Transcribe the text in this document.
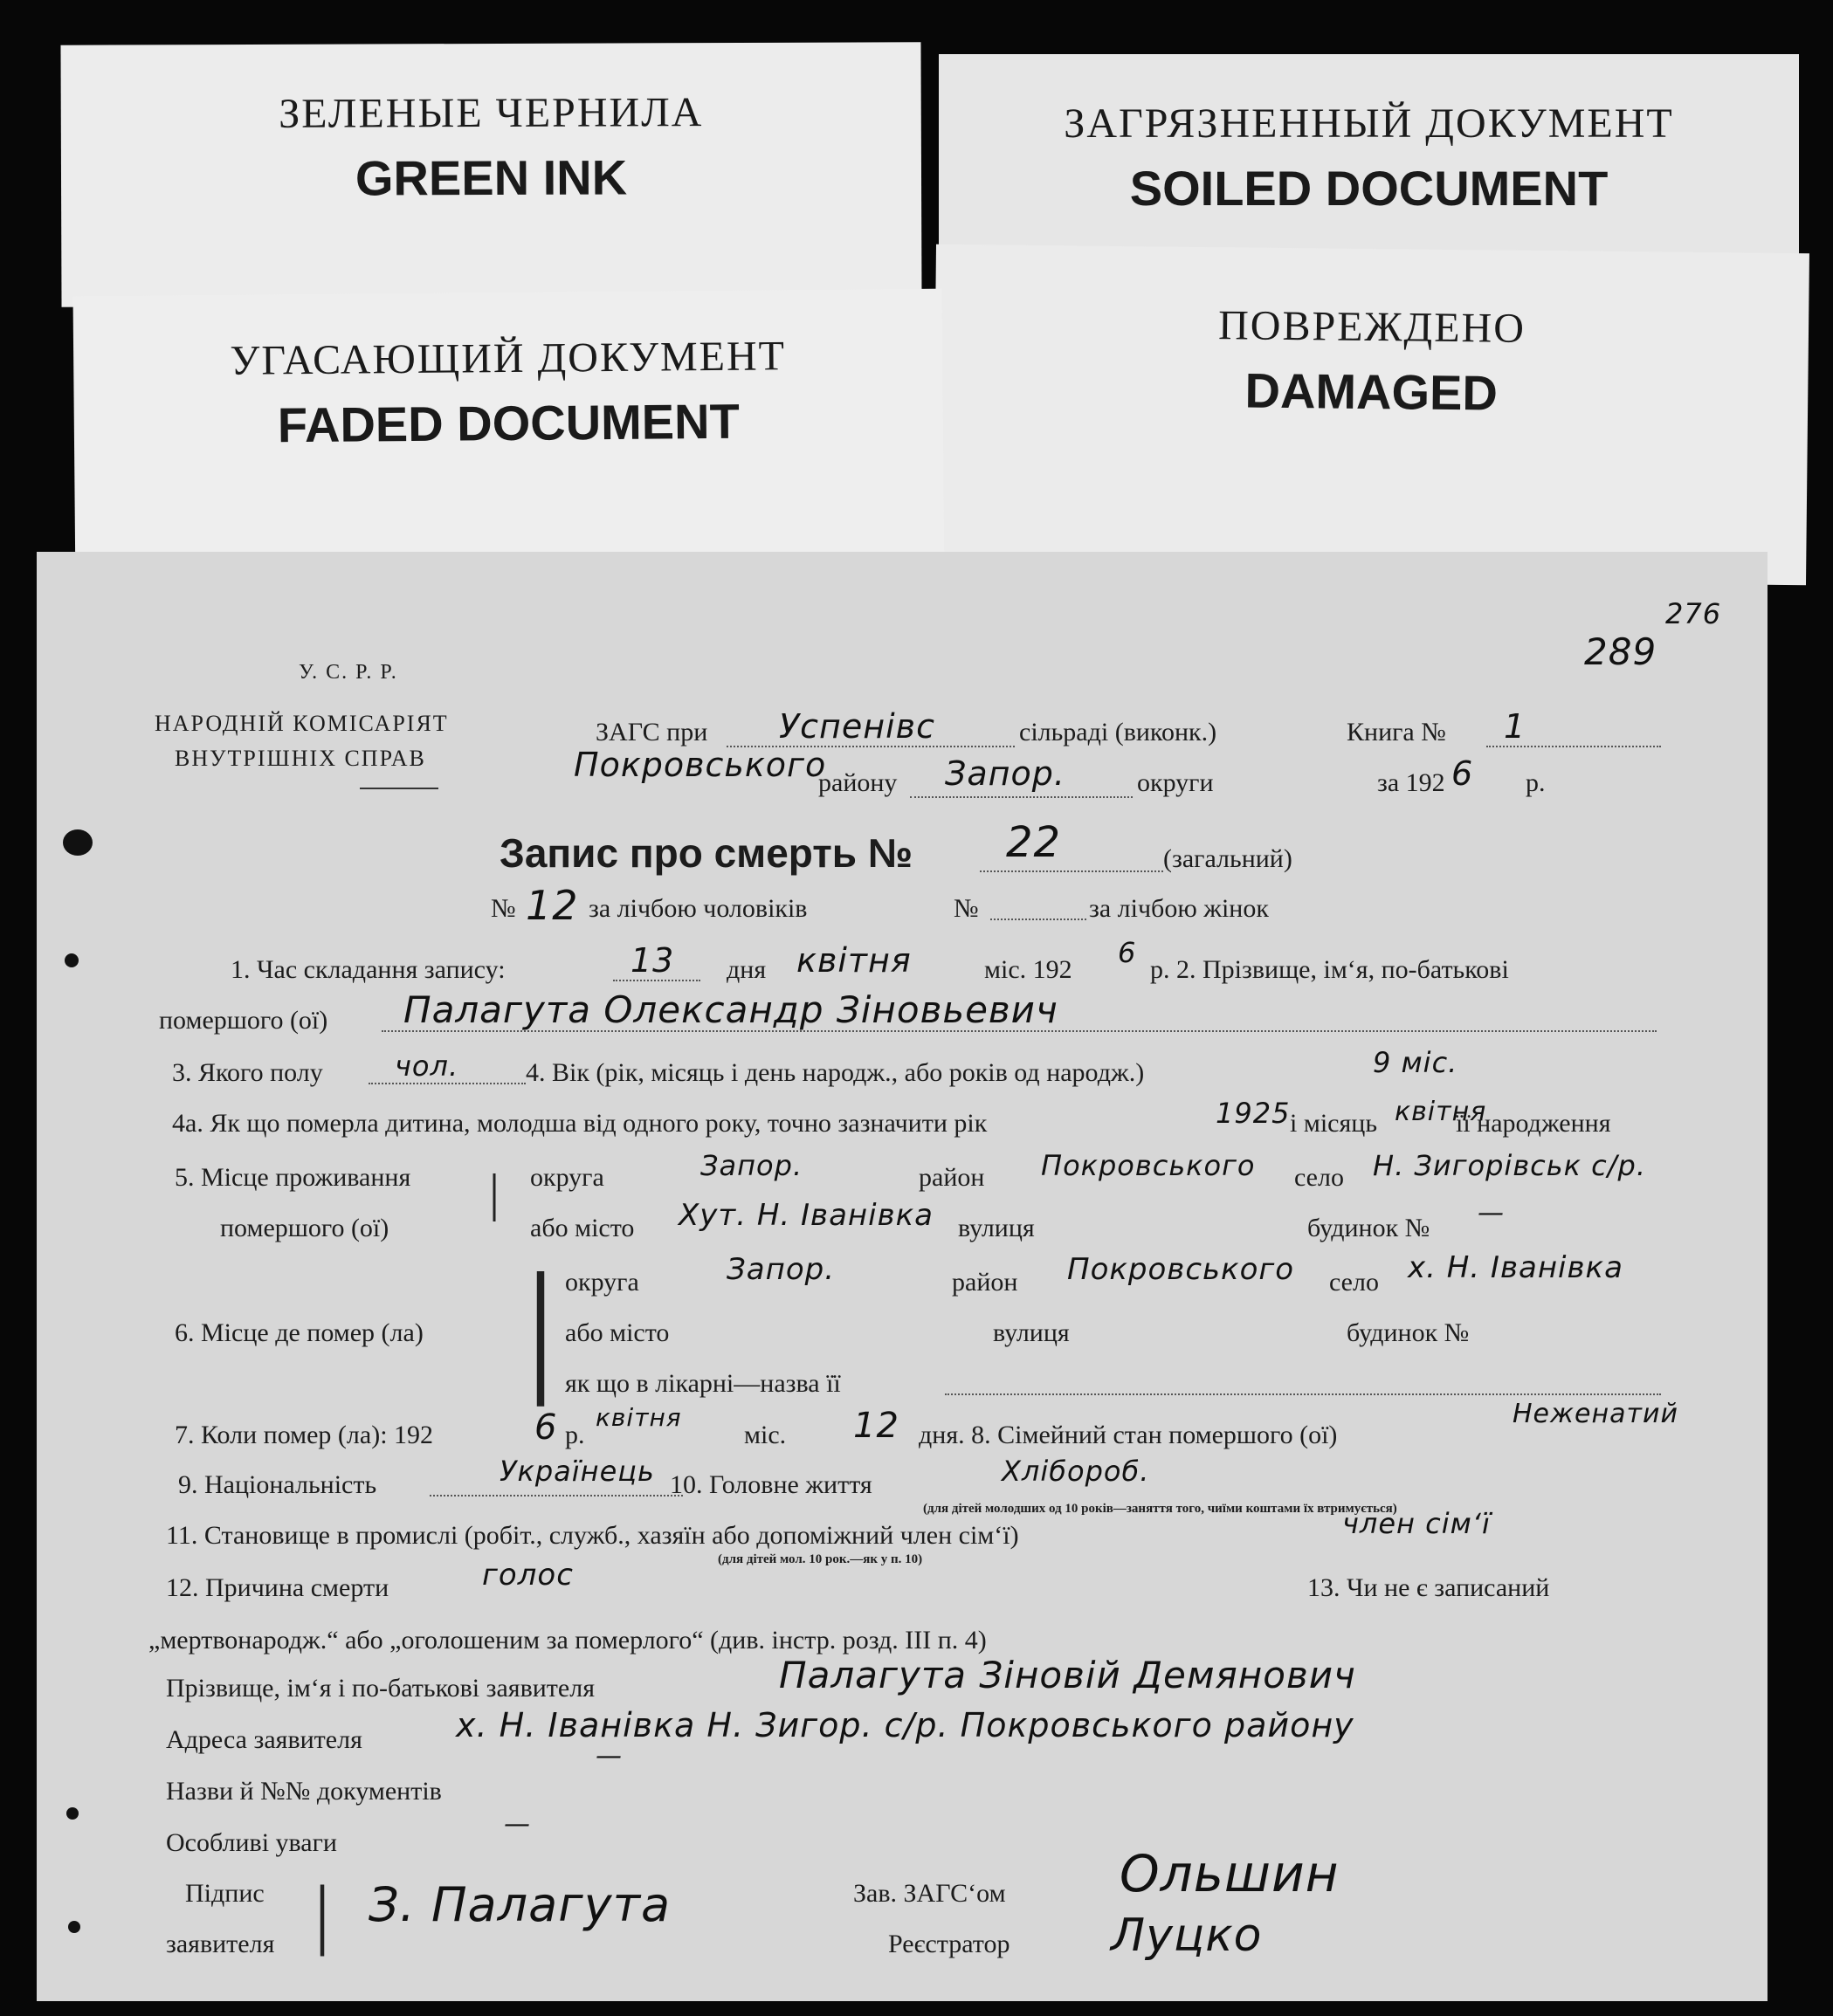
ЗЕЛЕНЫЕ ЧЕРНИЛА
GREEN INK
ЗАГРЯЗНЕННЫЙ ДОКУМЕНТ
SOILED DOCUMENT
ПОВРЕЖДЕНО
DAMAGED
УГАСАЮЩИЙ ДОКУМЕНТ
FADED DOCUMENT
276
289
У. С. Р. Р.
НАРОДНІЙ КОМІСАРІЯТ
ВНУТРІШНІХ СПРАВ
ЗАГС при Успенівс	сільраді (виконк.)	Книга № 1
Покровського
району Запор.	округи	за 192 6 р.
Запис про смерть № 22	(загальний)
№ 12 за лічбою чоловіків	№	за лічбою жінок
1. Час складання запису:	13 дня квітня	міс. 192
6
р. 2. Прізвище, ім‘я, по-батькові
помершого (ої) Палагута Олександр Зіновьевич
3. Якого полу	чол.	4. Вік (рік, місяць і день народж., або років од народж.)	9 міс.
4а. Як що померла дитина, молодша від одного року, точно зазначити рік	1925 і місяць квітня
її народження
5. Місце проживання
помершого (ої)
| округа	Запор.	район Покровського село Н. Зигорівськ с/р.
або місто Хут. Н. Іванівка вулиця	будинок № —
6. Місце де помер (ла) | округа	Запор.	район Покровського село х. Н. Іванівка
або місто	вулиця	будинок №
як що в лікарні—назва її
7. Коли помер (ла): 192	6 р.
квітня
міс. 12 дня. 8. Сімейний стан помершого (ої)
Неженатий
9. Національність	Українець 10. Головне життя	Хлібороб.
(для дітей молодших од 10 років—заняття того, чиїми коштами їх втримується)
11. Становище в промислі (робіт., служб., хазяїн або допоміжний член сім‘ї)	член сім‘ї
(для дітей мол. 10 рок.—як у п. 10)
12. Причина смерти	голос	13. Чи не є записаний
„мертвонародж.“ або „оголошеним за померлого“ (див. інстр. розд. III п. 4)
Прізвище, ім‘я і по-батькові заявителя	Палагута Зіновій Демянович
Адреса заявителя	х. Н. Іванівка Н. Зигор. с/р. Покровського району
Назви й №№ документів
—
Особливі уваги
—
Підпис
заявителя | З. Палагута	Зав. ЗАГС‘ом Ольшин
Реєстратор Луцко
